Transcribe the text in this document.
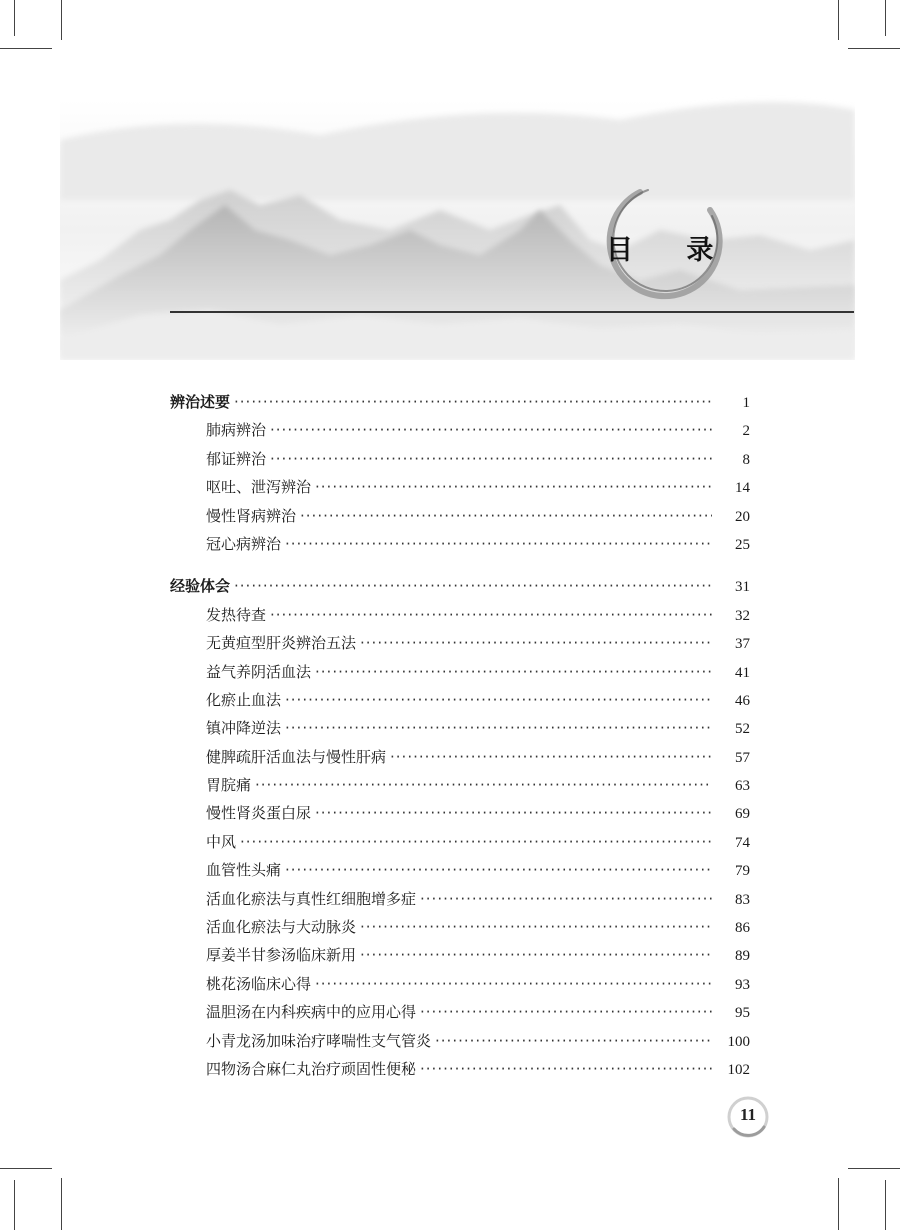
目 录
辨治述要 ·····	1
肺病辨治 ·····	2
郁证辨治 ·····	8
呕吐、泄泻辨治 ·····	14
慢性肾病辨治 ·····	20
冠心病辨治 ·····	25
经验体会 ·····	31
发热待查 ·····	32
无黄疸型肝炎辨治五法 ·····	37
益气养阴活血法 ·····	41
化瘀止血法 ·····	46
镇冲降逆法 ·····	52
健脾疏肝活血法与慢性肝病 ·····	57
胃脘痛 ·····	63
慢性肾炎蛋白尿 ·····	69
中风 ·····	74
血管性头痛 ·····	79
活血化瘀法与真性红细胞增多症 ·····	83
活血化瘀法与大动脉炎 ·····	86
厚姜半甘参汤临床新用 ·····	89
桃花汤临床心得 ·····	93
温胆汤在内科疾病中的应用心得 ·····	95
小青龙汤加味治疗哮喘性支气管炎 ·····	100
四物汤合麻仁丸治疗顽固性便秘 ·····	102
11
